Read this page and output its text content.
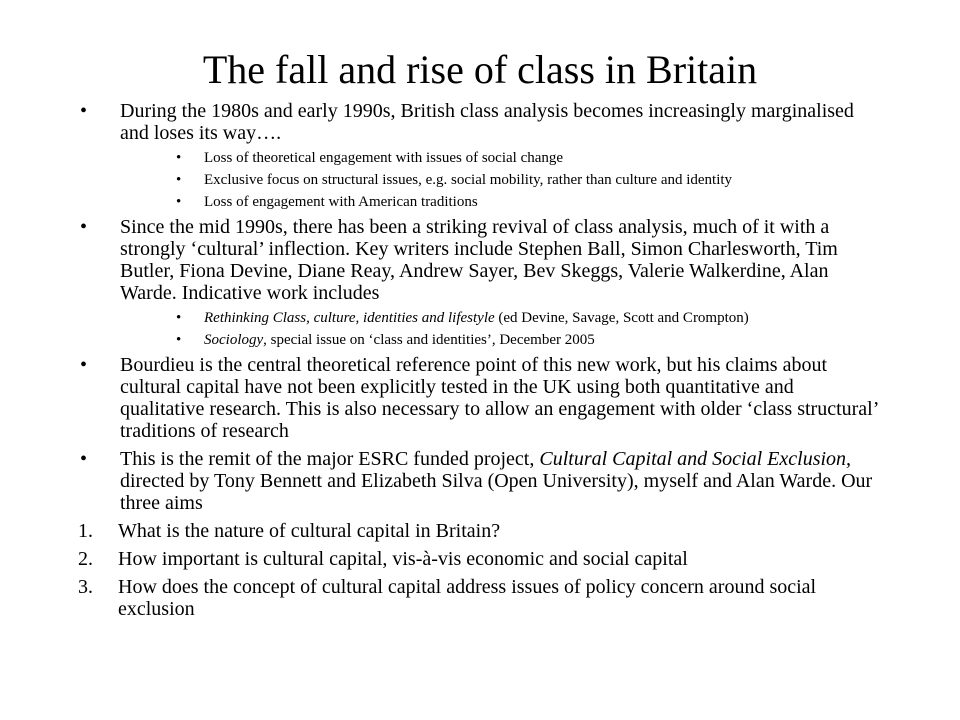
The fall and rise of class in Britain
•	During the 1980s and early 1990s, British class analysis becomes increasingly marginalised and loses its way….
•	Loss of theoretical engagement with issues of social change
•	Exclusive focus on structural issues, e.g. social mobility, rather than culture and identity
•	Loss of engagement with American traditions
•	Since the mid 1990s, there has been a striking revival of class analysis, much of it with a strongly ‘cultural’ inflection. Key writers include Stephen Ball, Simon Charlesworth, Tim Butler, Fiona Devine, Diane Reay, Andrew Sayer, Bev Skeggs, Valerie Walkerdine, Alan Warde. Indicative work includes
•	Rethinking Class, culture, identities and lifestyle (ed Devine, Savage, Scott and Crompton)
•	Sociology, special issue on ‘class and identities’, December 2005
•	Bourdieu is the central theoretical reference point of this new work, but his claims about cultural capital have not been explicitly tested in the UK using both quantitative and qualitative research. This is also necessary to allow an engagement with older ‘class structural’ traditions of research
•	This is the remit of the major ESRC funded project, Cultural Capital and Social Exclusion, directed by Tony Bennett and Elizabeth Silva (Open University), myself and Alan Warde. Our three aims
1.	What is the nature of cultural capital in Britain?
2.	How important is cultural capital, vis-à-vis economic and social capital
3.	How does the concept of cultural capital address issues of policy concern around social exclusion
